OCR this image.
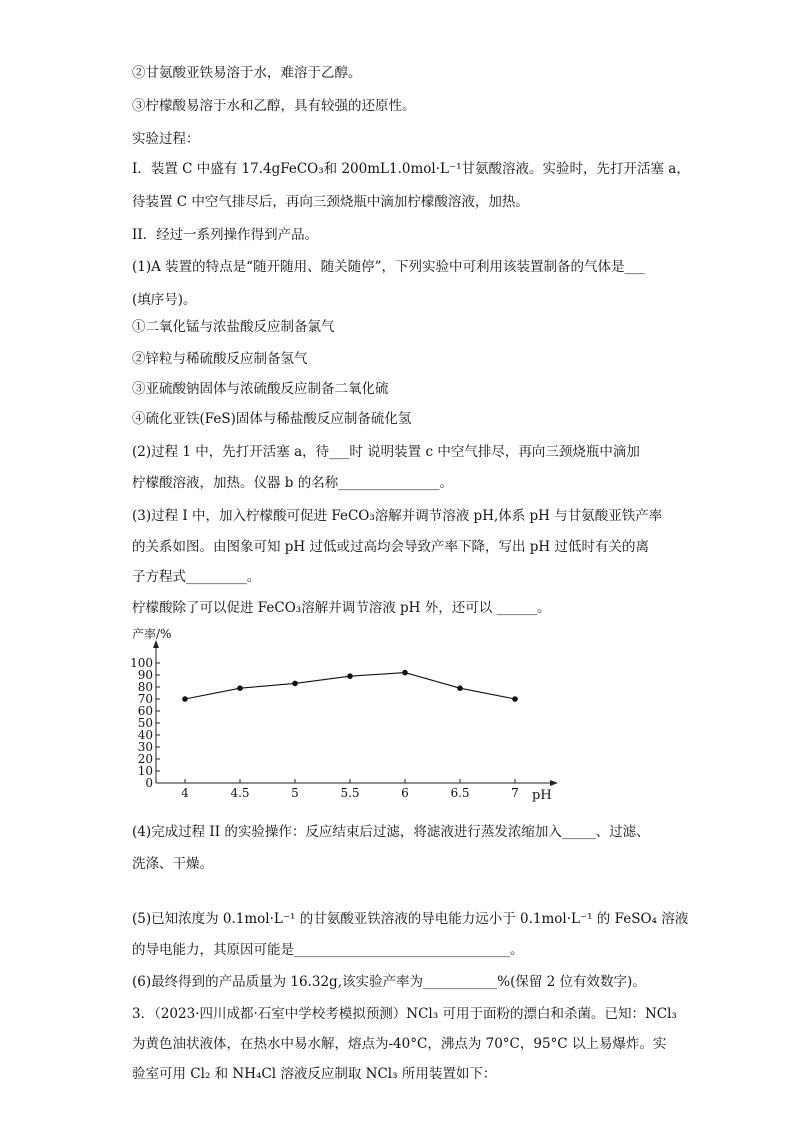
②甘氨酸亚铁易溶于水，难溶于乙醇。
③柠檬酸易溶于水和乙醇，具有较强的还原性。
实验过程：
I．装置 C 中盛有 17.4gFeCO₃和 200mL1.0mol·L⁻¹甘氨酸溶液。实验时，先打开活塞 a，
待装置 C 中空气排尽后，再向三颈烧瓶中滴加柠檬酸溶液，加热。
II．经过一系列操作得到产品。
(1)A 装置的特点是“随开随用、随关随停”，下列实验中可利用该装置制备的气体是___
(填序号)。
①二氧化锰与浓盐酸反应制备氯气
②锌粒与稀硫酸反应制备氢气
③亚硫酸钠固体与浓硫酸反应制备二氧化硫
④硫化亚铁(FeS)固体与稀盐酸反应制备硫化氢
(2)过程 1 中，先打开活塞 a，待___时 说明装置 c 中空气排尽，再向三颈烧瓶中滴加
柠檬酸溶液，加热。仪器 b 的名称_______________。
(3)过程 I 中，加入柠檬酸可促进 FeCO₃溶解并调节溶液 pH,体系 pH 与甘氨酸亚铁产率
的关系如图。由图象可知 pH 过低或过高均会导致产率下降，写出 pH 过低时有关的离
子方程式_________。
柠檬酸除了可以促进 FeCO₃溶解并调节溶液 pH 外，还可以 ______。
(4)完成过程 II 的实验操作：反应结束后过滤，将滤液进行蒸发浓缩加入_____、过滤、
洗涤、干燥。
(5)已知浓度为 0.1mol·L⁻¹ 的甘氨酸亚铁溶液的导电能力远小于 0.1mol·L⁻¹ 的 FeSO₄ 溶液
的导电能力，其原因可能是________________________________。
(6)最终得到的产品质量为 16.32g,该实验产率为___________%(保留 2 位有效数字)。
3．（2023·四川成都·石室中学校考模拟预测）NCl₃ 可用于面粉的漂白和杀菌。已知：NCl₃
为黄色油状液体，在热水中易水解，熔点为-40°C，沸点为 70°C，95°C 以上易爆炸。实
验室可用 Cl₂ 和 NH₄Cl 溶液反应制取 NCl₃ 所用装置如下：
0
10
20
30
40
50
60
70
80
90
100
4	4.5	5	5.5	6	6.5	7
产率/%
pH
